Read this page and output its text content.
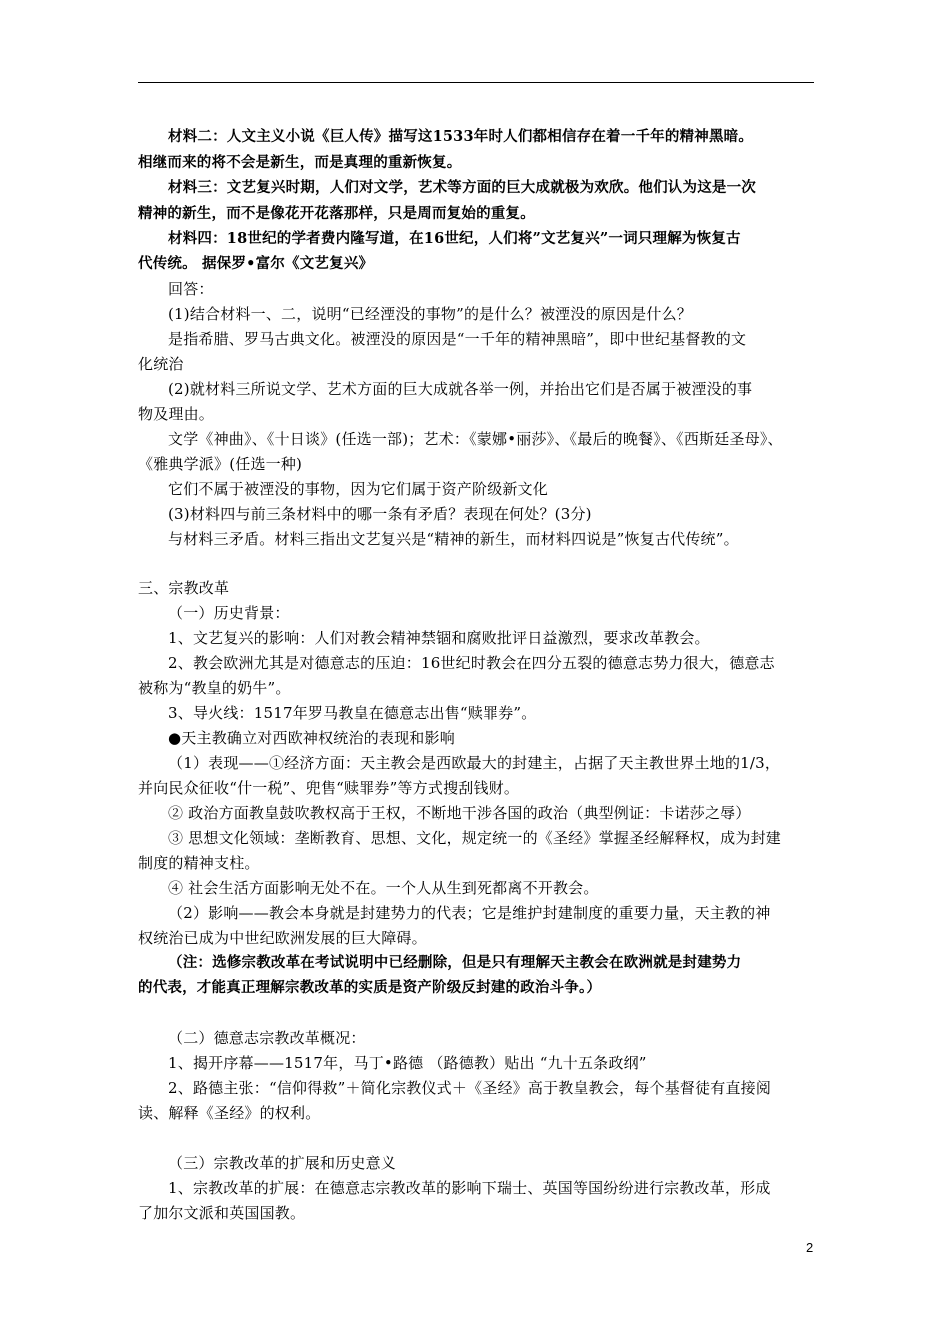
材料二：人文主义小说《巨人传》描写这1533年时人们都相信存在着一千年的精神黑暗。
相继而来的将不会是新生，而是真理的重新恢复。
材料三：文艺复兴时期，人们对文学，艺术等方面的巨大成就极为欢欣。他们认为这是一次
精神的新生，而不是像花开花落那样，只是周而复始的重复。
材料四：18世纪的学者费内隆写道，在16世纪，人们将”文艺复兴”一词只理解为恢复古
代传统。 据保罗•富尔《文艺复兴》
回答：
(1)结合材料一、二，说明“已经湮没的事物”的是什么？被湮没的原因是什么？
是指希腊、罗马古典文化。被湮没的原因是“一千年的精神黑暗”，即中世纪基督教的文
化统治
(2)就材料三所说文学、艺术方面的巨大成就各举一例，并抬出它们是否属于被湮没的事
物及理由。
文学《神曲》、《十日谈》(任选一部)；艺术：《蒙娜•丽莎》、《最后的晚餐》、《西斯廷圣母》、
《雅典学派》(任选一种)
它们不属于被湮没的事物，因为它们属于资产阶级新文化
(3)材料四与前三条材料中的哪一条有矛盾？表现在何处？(3分)
与材料三矛盾。材料三指出文艺复兴是“精神的新生，而材料四说是”恢复古代传统”。
三、宗教改革
（一）历史背景：
1、文艺复兴的影响：人们对教会精神禁锢和腐败批评日益激烈，要求改革教会。
2、教会欧洲尤其是对德意志的压迫：16世纪时教会在四分五裂的德意志势力很大，德意志
被称为“教皇的奶牛”。
3、导火线：1517年罗马教皇在德意志出售“赎罪券”。
●天主教确立对西欧神权统治的表现和影响
（1）表现——①经济方面：天主教会是西欧最大的封建主，占据了天主教世界土地的1/3，
并向民众征收“什一税”、兜售“赎罪券”等方式搜刮钱财。
② 政治方面教皇鼓吹教权高于王权，不断地干涉各国的政治（典型例证：卡诺莎之辱）
③ 思想文化领域：垄断教育、思想、文化，规定统一的《圣经》掌握圣经解释权，成为封建
制度的精神支柱。
④ 社会生活方面影响无处不在。一个人从生到死都离不开教会。
（2）影响——教会本身就是封建势力的代表；它是维护封建制度的重要力量，天主教的神
权统治已成为中世纪欧洲发展的巨大障碍。
（注：选修宗教改革在考试说明中已经删除，但是只有理解天主教会在欧洲就是封建势力
的代表，才能真正理解宗教改革的实质是资产阶级反封建的政治斗争。）
（二）德意志宗教改革概况：
1、揭开序幕——1517年，马丁•路德 （路德教）贴出 “九十五条政纲”
2、路德主张：“信仰得救”＋简化宗教仪式＋《圣经》高于教皇教会，每个基督徒有直接阅
读、解释《圣经》的权利。
（三）宗教改革的扩展和历史意义
1、宗教改革的扩展：在德意志宗教改革的影响下瑞士、英国等国纷纷进行宗教改革，形成
了加尔文派和英国国教。
2
